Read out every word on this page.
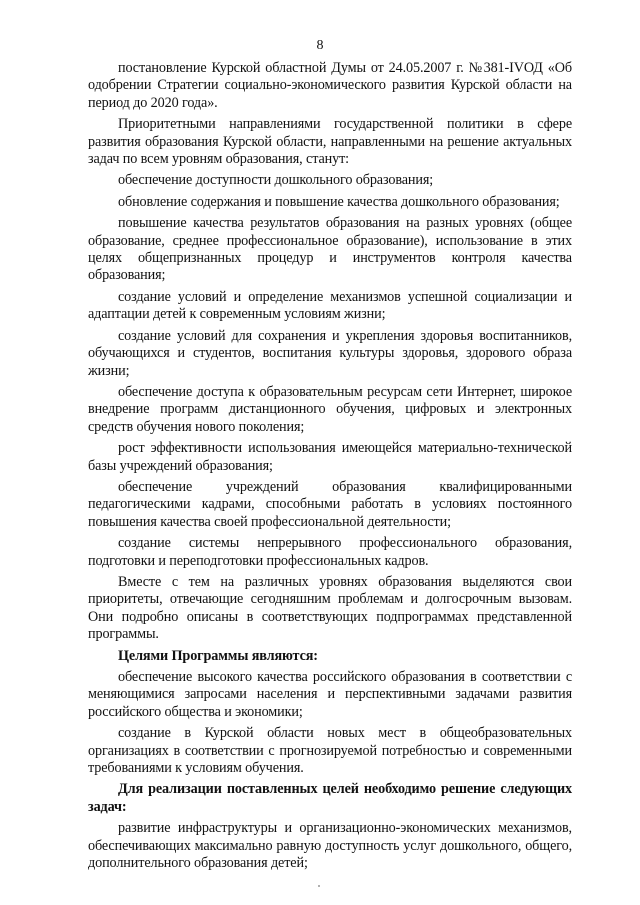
8

постановление Курской областной Думы от 24.05.2007 г. №381-IVОД «Об одобрении Стратегии социально-экономического развития Курской области на период до 2020 года».

Приоритетными направлениями государственной политики в сфере развития образования Курской области, направленными на решение актуальных задач по всем уровням образования, станут:

обеспечение доступности дошкольного образования;

обновление содержания и повышение качества дошкольного образования;

повышение качества результатов образования на разных уровнях (общее образование, среднее профессиональное образование), использование в этих целях общепризнанных процедур и инструментов контроля качества образования;

создание условий и определение механизмов успешной социализации и адаптации детей к современным условиям жизни;

создание условий для сохранения и укрепления здоровья воспитанников, обучающихся и студентов, воспитания культуры здоровья, здорового образа жизни;

обеспечение доступа к образовательным ресурсам сети Интернет, широкое внедрение программ дистанционного обучения, цифровых и электронных средств обучения нового поколения;

рост эффективности использования имеющейся материально-технической базы учреждений образования;

обеспечение учреждений образования квалифицированными педагогическими кадрами, способными работать в условиях постоянного повышения качества своей профессиональной деятельности;

создание системы непрерывного профессионального образования, подготовки и переподготовки профессиональных кадров.

Вместе с тем на различных уровнях образования выделяются свои приоритеты, отвечающие сегодняшним проблемам и долгосрочным вызовам. Они подробно описаны в соответствующих подпрограммах представленной программы.

Целями Программы являются:

обеспечение высокого качества российского образования в соответствии с меняющимися запросами населения и перспективными задачами развития российского общества и экономики;

создание в Курской области новых мест в общеобразовательных организациях в соответствии с прогнозируемой потребностью и современными требованиями к условиям обучения.

Для реализации поставленных целей необходимо решение следующих задач:

развитие инфраструктуры и организационно-экономических механизмов, обеспечивающих максимально равную доступность услуг дошкольного, общего, дополнительного образования детей;
